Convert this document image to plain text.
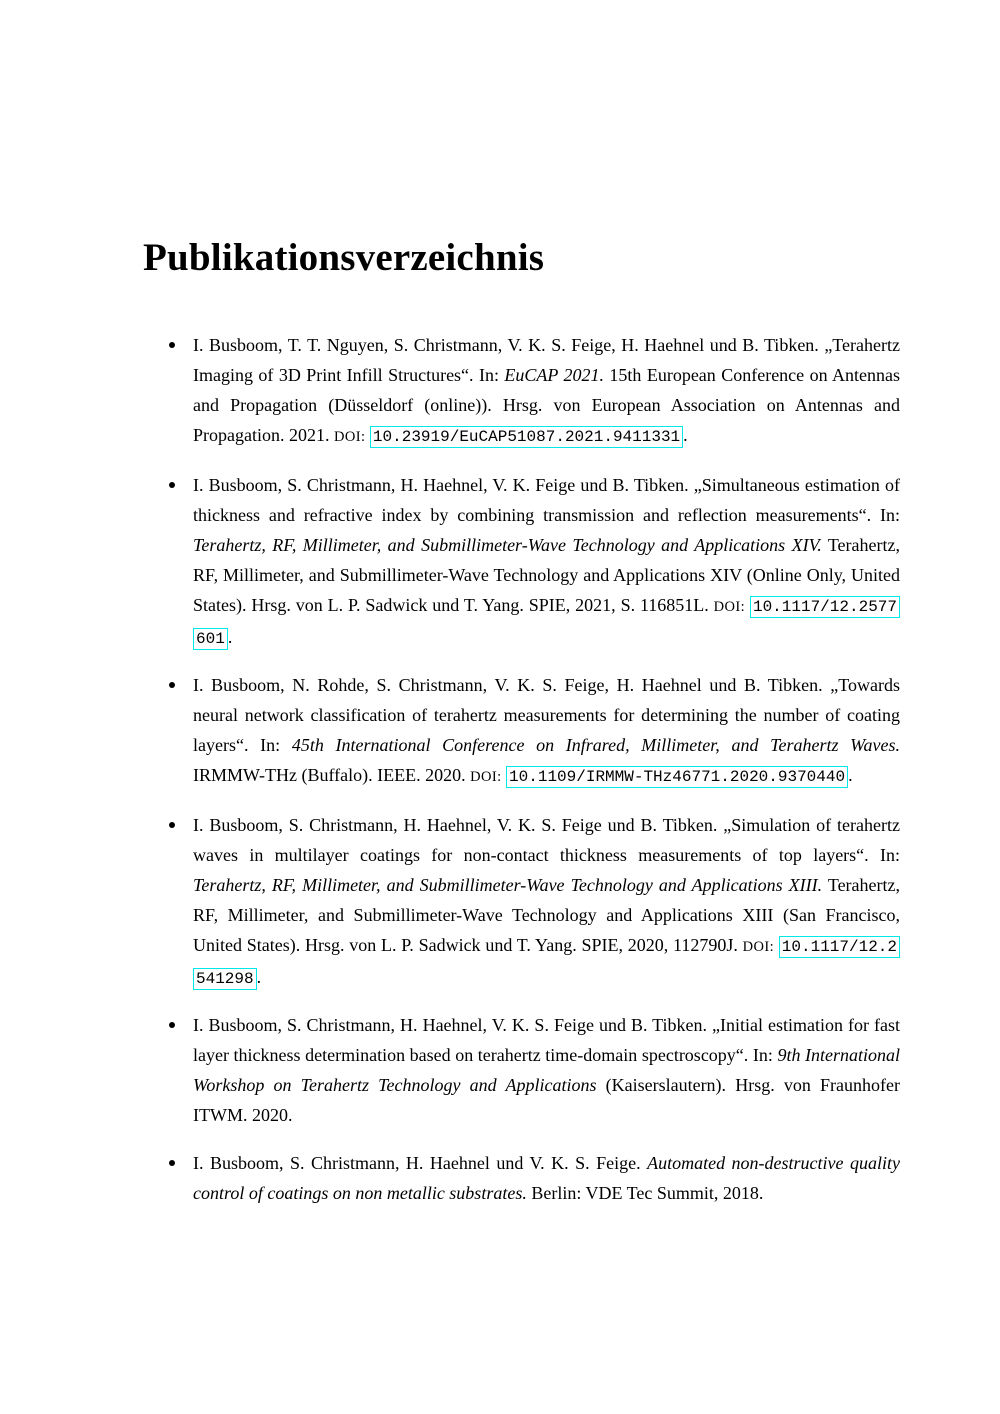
Publikationsverzeichnis
I. Busboom, T. T. Nguyen, S. Christmann, V. K. S. Feige, H. Haehnel und B. Tibken. „Terahertz Imaging of 3D Print Infill Structures“. In: EuCAP 2021. 15th European Conference on Antennas and Propagation (Düsseldorf (online)). Hrsg. von European Association on Antennas and Propagation. 2021. DOI: 10.23919/EuCAP51087.2021.9411331 .
I. Busboom, S. Christmann, H. Haehnel, V. K. Feige und B. Tibken. „Simultaneous estimation of thickness and refractive index by combining transmission and reflection measurements“. In: Terahertz, RF, Millimeter, and Submillimeter-Wave Technology and Applications XIV. Terahertz, RF, Millimeter, and Submillimeter-Wave Technology and Applications XIV (Online Only, United States). Hrsg. von L. P. Sadwick und T. Yang. SPIE, 2021, S. 116851L. DOI: 10.1117/12.2577601 .
I. Busboom, N. Rohde, S. Christmann, V. K. S. Feige, H. Haehnel und B. Tibken. „Towards neural network classification of terahertz measurements for determining the number of coating layers“. In: 45th International Conference on Infrared, Millimeter, and Terahertz Waves. IRMMW-THz (Buffalo). IEEE. 2020. DOI: 10.1109/IRMMW-THz46771.2020.9370440 .
I. Busboom, S. Christmann, H. Haehnel, V. K. S. Feige und B. Tibken. „Simulation of terahertz waves in multilayer coatings for non-contact thickness measurements of top layers“. In: Terahertz, RF, Millimeter, and Submillimeter-Wave Technology and Applications XIII. Terahertz, RF, Millimeter, and Submillimeter-Wave Technology and Applications XIII (San Francisco, United States). Hrsg. von L. P. Sadwick und T. Yang. SPIE, 2020, 112790J. DOI: 10.1117/12.2541298 .
I. Busboom, S. Christmann, H. Haehnel, V. K. S. Feige und B. Tibken. „Initial estimation for fast layer thickness determination based on terahertz time-domain spectroscopy“. In: 9th International Workshop on Terahertz Technology and Applications (Kaiserslautern). Hrsg. von Fraunhofer ITWM. 2020.
I. Busboom, S. Christmann, H. Haehnel und V. K. S. Feige. Automated non-destructive quality control of coatings on non metallic substrates. Berlin: VDE Tec Summit, 2018.
